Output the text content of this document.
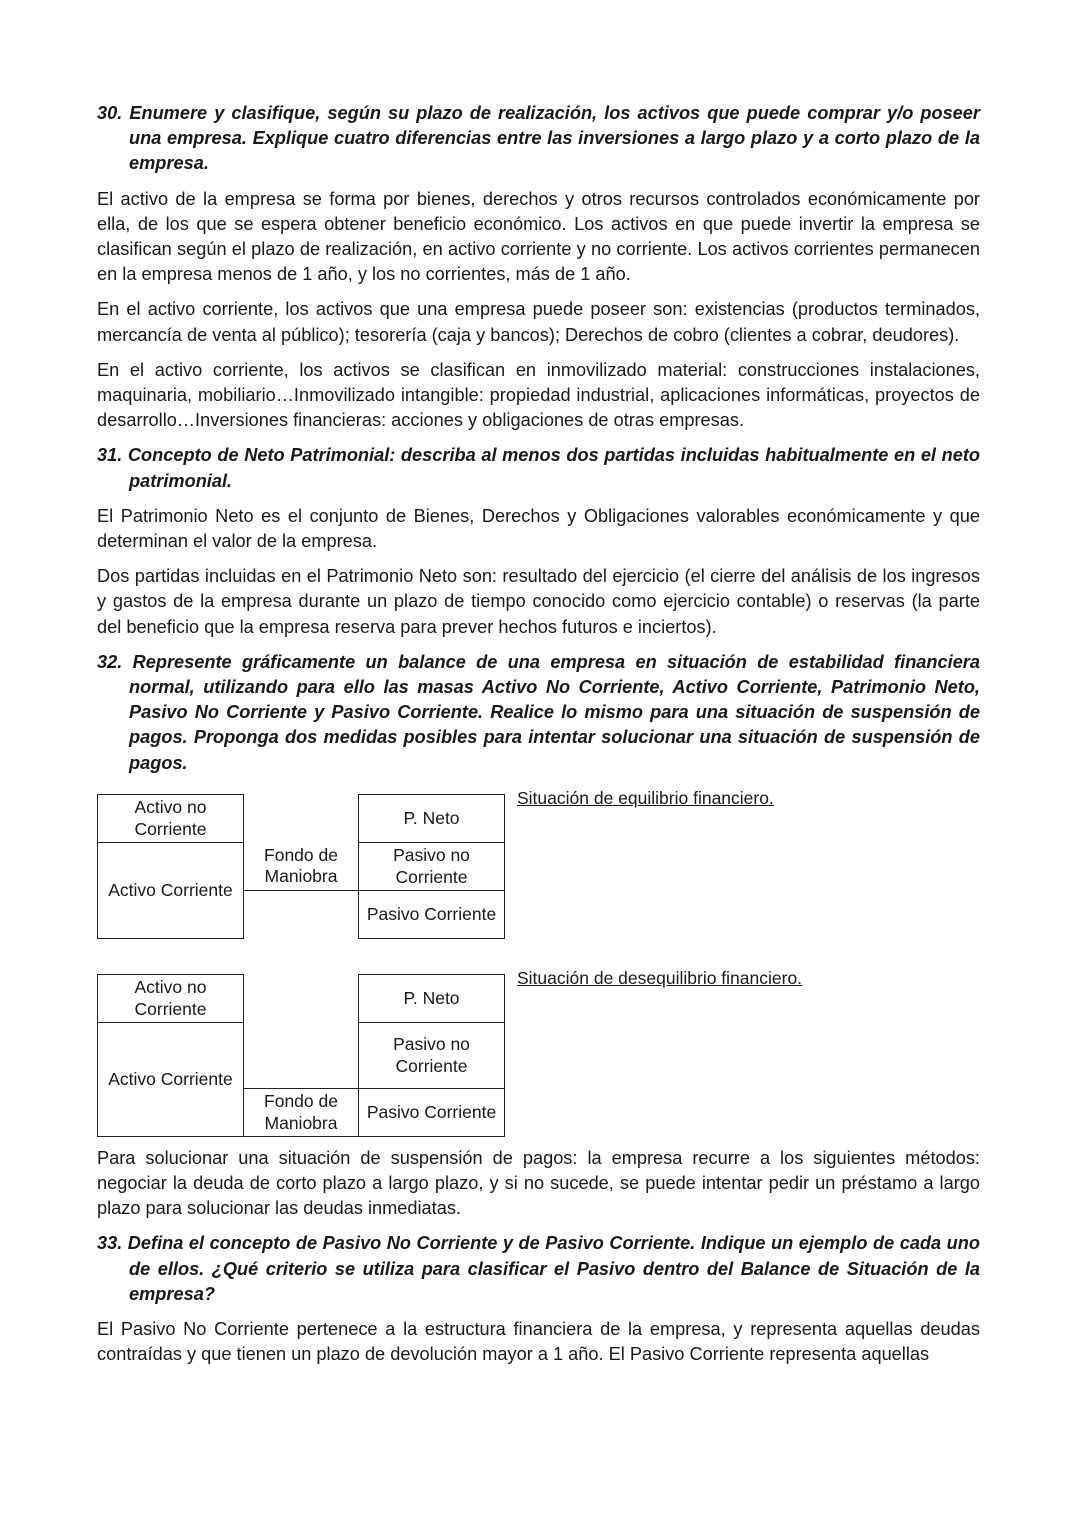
30. Enumere y clasifique, según su plazo de realización, los activos que puede comprar y/o poseer una empresa. Explique cuatro diferencias entre las inversiones a largo plazo y a corto plazo de la empresa.
El activo de la empresa se forma por bienes, derechos y otros recursos controlados económicamente por ella, de los que se espera obtener beneficio económico. Los activos en que puede invertir la empresa se clasifican según el plazo de realización, en activo corriente y no corriente. Los activos corrientes permanecen en la empresa menos de 1 año, y los no corrientes, más de 1 año.
En el activo corriente, los activos que una empresa puede poseer son: existencias (productos terminados, mercancía de venta al público); tesorería (caja y bancos); Derechos de cobro (clientes a cobrar, deudores).
En el activo corriente, los activos se clasifican en inmovilizado material: construcciones instalaciones, maquinaria, mobiliario…Inmovilizado intangible: propiedad industrial, aplicaciones informáticas, proyectos de desarrollo…Inversiones financieras: acciones y obligaciones de otras empresas.
31. Concepto de Neto Patrimonial: describa al menos dos partidas incluidas habitualmente en el neto patrimonial.
El Patrimonio Neto es el conjunto de Bienes, Derechos y Obligaciones valorables económicamente y que determinan el valor de la empresa.
Dos partidas incluidas en el Patrimonio Neto son: resultado del ejercicio (el cierre del análisis de los ingresos y gastos de la empresa durante un plazo de tiempo conocido como ejercicio contable) o reservas (la parte del beneficio que la empresa reserva para prever hechos futuros e inciertos).
32. Represente gráficamente un balance de una empresa en situación de estabilidad financiera normal, utilizando para ello las masas Activo No Corriente, Activo Corriente, Patrimonio Neto, Pasivo No Corriente y Pasivo Corriente. Realice lo mismo para una situación de suspensión de pagos. Proponga dos medidas posibles para intentar solucionar una situación de suspensión de pagos.
Activo no Corriente
Activo Corriente
Fondo de Maniobra
P. Neto
Pasivo no Corriente
Pasivo Corriente
Situación de equilibrio financiero.
Activo no Corriente
Activo Corriente
P. Neto
Pasivo no Corriente
Fondo de Maniobra
Pasivo Corriente
Situación de desequilibrio financiero.
Para solucionar una situación de suspensión de pagos: la empresa recurre a los siguientes métodos: negociar la deuda de corto plazo a largo plazo, y si no sucede, se puede intentar pedir un préstamo a largo plazo para solucionar las deudas inmediatas.
33. Defina el concepto de Pasivo No Corriente y de Pasivo Corriente. Indique un ejemplo de cada uno de ellos. ¿Qué criterio se utiliza para clasificar el Pasivo dentro del Balance de Situación de la empresa?
El Pasivo No Corriente pertenece a la estructura financiera de la empresa, y representa aquellas deudas contraídas y que tienen un plazo de devolución mayor a 1 año. El Pasivo Corriente representa aquellas
